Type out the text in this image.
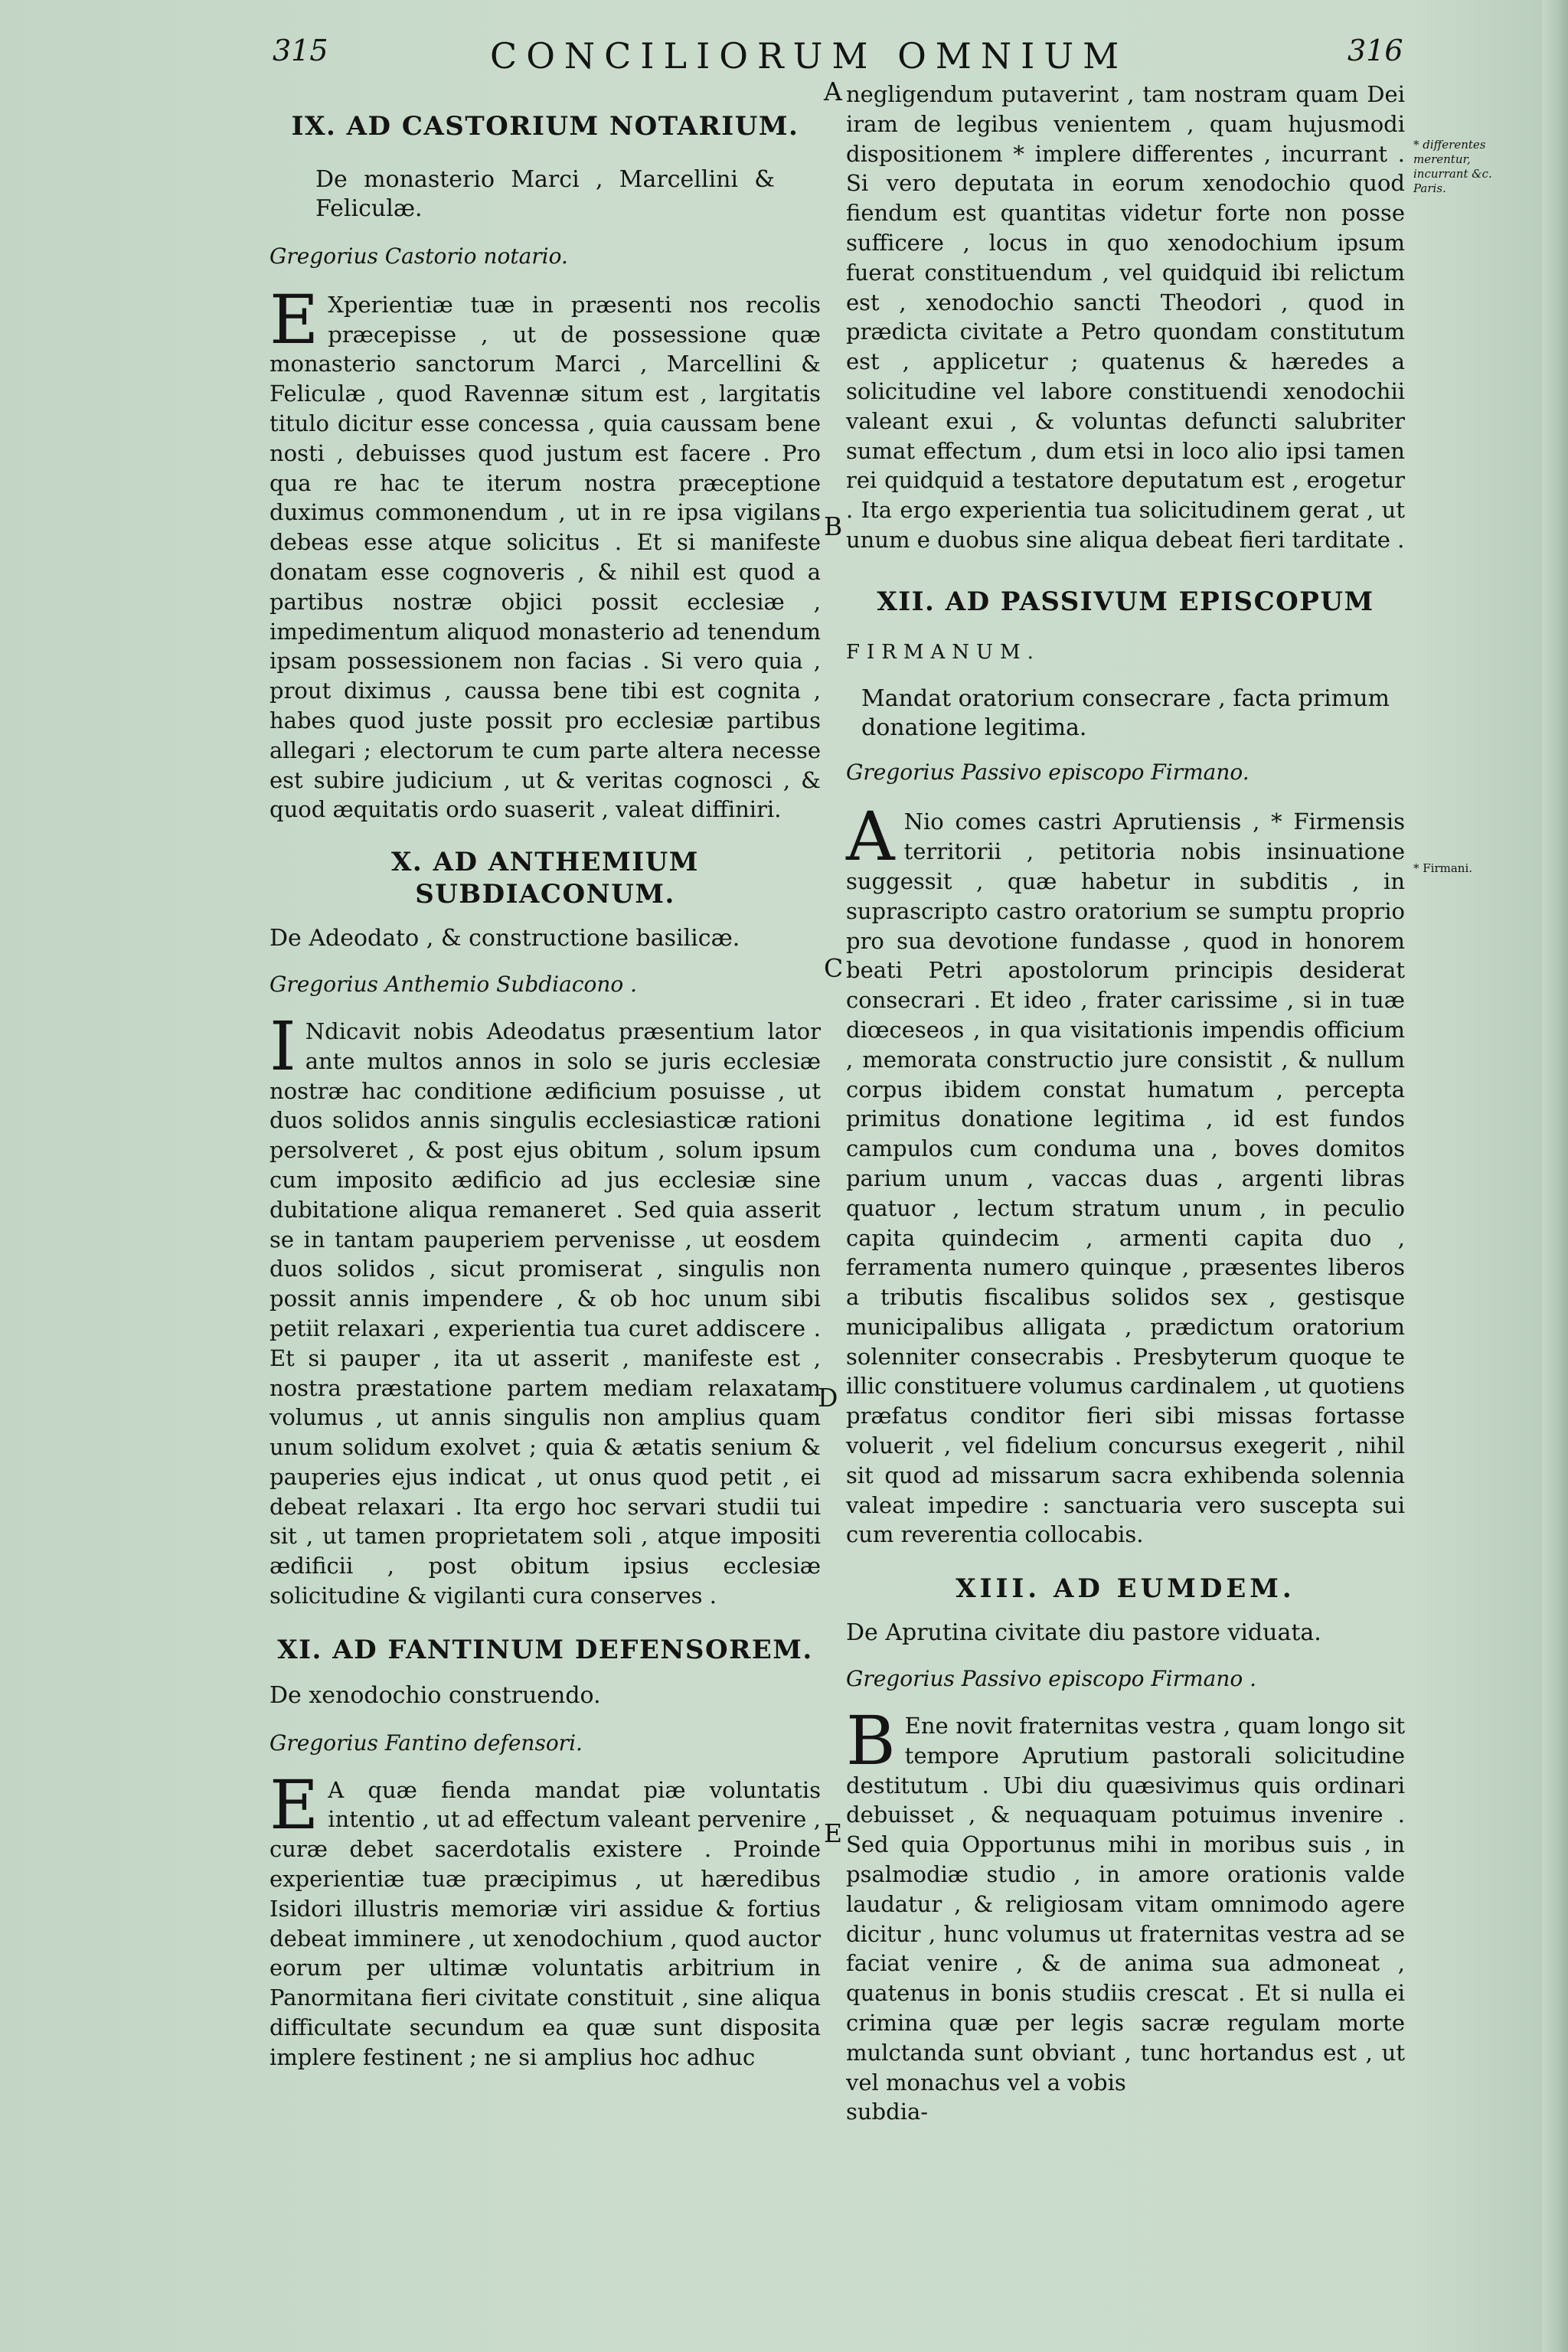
315	CONCILIORUM OMNIUM	316
IX. AD CASTORIUM NOTARIUM.

De monasterio Marci , Marcellini & Feliculæ.

Gregorius Castorio notario.

E Xperientiæ tuæ in præsenti nos recolis præcepisse , ut de possessione quæ monasterio sanctorum Marci , Marcellini & Feliculæ , quod Ravennæ situm est , largitatis titulo dicitur esse concessa , quia caussam bene nosti , debuisses quod justum est facere . Pro qua re hac te iterum nostra præceptione duximus commonendum , ut in re ipsa vigilans debeas esse atque solicitus . Et si manifeste donatam esse cognoveris , & nihil est quod a partibus nostræ objici possit ecclesiæ , impedimentum aliquod monasterio ad tenendum ipsam possessionem non facias . Si vero quia , prout diximus , caussa bene tibi est cognita , habes quod juste possit pro ecclesiæ partibus allegari ; electorum te cum parte altera necesse est subire judicium , ut & veritas cognosci , & quod æquitatis ordo suaserit , valeat diffiniri.

X. AD ANTHEMIUM SUBDIACONUM.

De Adeodato , & constructione basilicæ.

Gregorius Anthemio Subdiacono .

I Ndicavit nobis Adeodatus præsentium lator ante multos annos in solo se juris ecclesiæ nostræ hac conditione ædificium posuisse , ut duos solidos annis singulis ecclesiasticæ rationi persolveret , & post ejus obitum , solum ipsum cum imposito ædificio ad jus ecclesiæ sine dubitatione aliqua remaneret . Sed quia asserit se in tantam pauperiem pervenisse , ut eosdem duos solidos , sicut promiserat , singulis non possit annis impendere , & ob hoc unum sibi petiit relaxari , experientia tua curet addiscere . Et si pauper , ita ut asserit , manifeste est , nostra præstatione partem mediam relaxatam volumus , ut annis singulis non amplius quam unum solidum exolvet ; quia & ætatis senium & pauperies ejus indicat , ut onus quod petit , ei debeat relaxari . Ita ergo hoc servari studii tui sit , ut tamen proprietatem soli , atque impositi ædificii , post obitum ipsius ecclesiæ solicitudine & vigilanti cura conserves .

XI. AD FANTINUM DEFENSOREM.

De xenodochio construendo.

Gregorius Fantino defensori.

E A quæ fienda mandat piæ voluntatis intentio , ut ad effectum valeant pervenire , curæ debet sacerdotalis existere . Proinde experientiæ tuæ præcipimus , ut hæredibus Isidori illustris memoriæ viri assidue & fortius debeat imminere , ut xenodochium , quod auctor eorum per ultimæ voluntatis arbitrium in Panormitana fieri civitate constituit , sine aliqua difficultate secundum ea quæ sunt disposita implere festinent ; ne si amplius hoc adhuc

negligendum putaverint , tam nostram quam Dei iram de legibus venientem , quam hujusmodi dispositionem * implere differentes , incurrant . Si vero deputata in eorum xenodochio quod fiendum est quantitas videtur forte non posse sufficere , locus in quo xenodochium ipsum fuerat constituendum , vel quidquid ibi relictum est , xenodochio sancti Theodori , quod in prædicta civitate a Petro quondam constitutum est , applicetur ; quatenus & hæredes a solicitudine vel labore constituendi xenodochii valeant exui , & voluntas defuncti salubriter sumat effectum , dum etsi in loco alio ipsi tamen rei quidquid a testatore deputatum est , erogetur . Ita ergo experientia tua solicitudinem gerat , ut unum e duobus sine aliqua debeat fieri tarditate .

XII. AD PASSIVUM EPISCOPUM

FIRMANUM.

Mandat oratorium consecrare , facta primum donatione legitima.

Gregorius Passivo episcopo Firmano.

A Nio comes castri Aprutiensis , * Firmensis territorii , petitoria nobis insinuatione suggessit , quæ habetur in subditis , in suprascripto castro oratorium se sumptu proprio pro sua devotione fundasse , quod in honorem beati Petri apostolorum principis desiderat consecrari . Et ideo , frater carissime , si in tuæ diœceseos , in qua visitationis impendis officium , memorata constructio jure consistit , & nullum corpus ibidem constat humatum , percepta primitus donatione legitima , id est fundos campulos cum conduma una , boves domitos parium unum , vaccas duas , argenti libras quatuor , lectum stratum unum , in peculio capita quindecim , armenti capita duo , ferramenta numero quinque , præsentes liberos a tributis fiscalibus solidos sex , gestisque municipalibus alligata , prædictum oratorium solenniter consecrabis . Presbyterum quoque te illic constituere volumus cardinalem , ut quotiens præfatus conditor fieri sibi missas fortasse voluerit , vel fidelium concursus exegerit , nihil sit quod ad missarum sacra exhibenda solennia valeat impedire : sanctuaria vero suscepta sui cum reverentia collocabis.

XIII. AD EUMDEM.

De Aprutina civitate diu pastore viduata.

Gregorius Passivo episcopo Firmano .

B Ene novit fraternitas vestra , quam longo sit tempore Aprutium pastorali solicitudine destitutum . Ubi diu quæsivimus quis ordinari debuisset , & nequaquam potuimus invenire . Sed quia Opportunus mihi in moribus suis , in psalmodiæ studio , in amore orationis valde laudatur , & religiosam vitam omnimodo agere dicitur , hunc volumus ut fraternitas vestra ad se faciat venire , & de anima sua admoneat , quatenus in bonis studiis crescat . Et si nulla ei crimina quæ per legis sacræ regulam morte mulctanda sunt obviant , tunc hortandus est , ut vel monachus vel a vobis

subdia-

A
B
C
D
E
* differentes merentur, incurrant &c. Paris.
* Firmani.
